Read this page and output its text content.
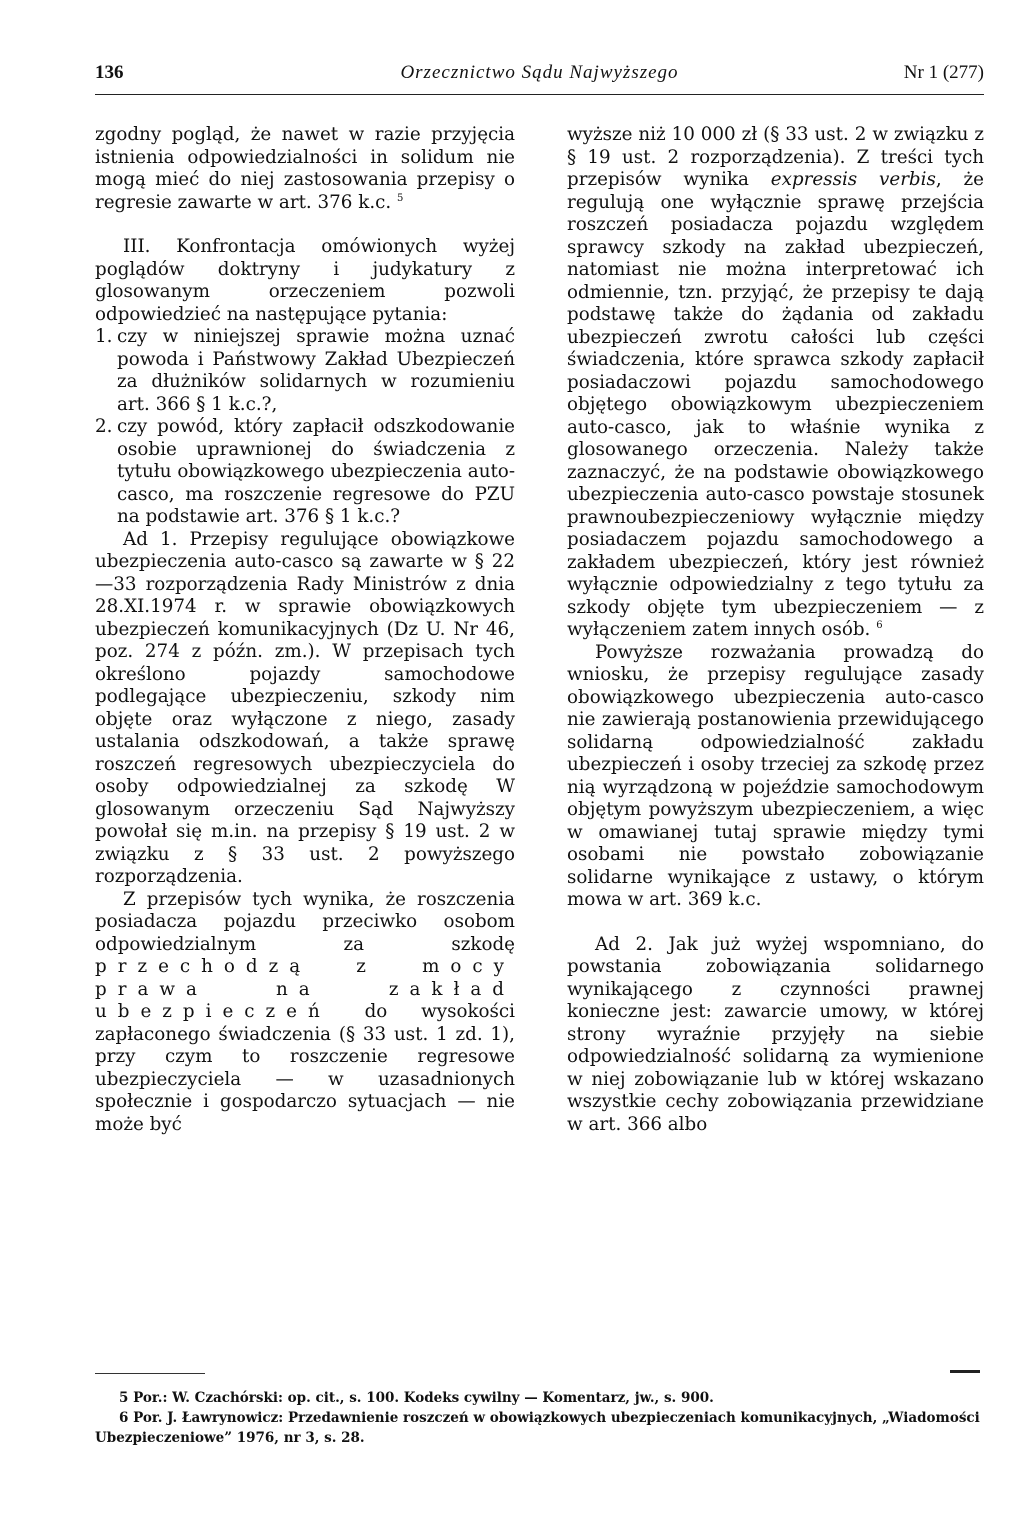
136	Orzecznictwo Sądu Najwyższego	Nr 1 (277)

zgodny pogląd, że nawet w razie przyjęcia istnienia odpowiedzialności in solidum nie mogą mieć do niej zastosowania przepisy o regresie zawarte w art. 376 k.c. $^5$

III. Konfrontacja omówionych wyżej poglądów doktryny i judykatury z glosowanym orzeczeniem pozwoli odpowiedzieć na następujące pytania:

1. czy w niniejszej sprawie można uznać powoda i Państwowy Zakład Ubezpieczeń za dłużników solidarnych w rozumieniu art. 366 § 1 k.c.?,
2. czy powód, który zapłacił odszkodowanie osobie uprawnionej do świadczenia z tytułu obowiązkowego ubezpieczenia auto-casco, ma roszczenie regresowe do PZU na podstawie art. 376 § 1 k.c.?

Ad 1. Przepisy regulujące obowiązkowe ubezpieczenia auto-casco są zawarte w § 22—33 rozporządzenia Rady Ministrów z dnia 28.XI.1974 r. w sprawie obowiązkowych ubezpieczeń komunikacyjnych (Dz U. Nr 46, poz. 274 z późn. zm.). W przepisach tych określono pojazdy samochodowe podlegające ubezpieczeniu, szkody nim objęte oraz wyłączone z niego, zasady ustalania odszkodowań, a także sprawę roszczeń regresowych ubezpieczyciela do osoby odpowiedzialnej za szkodę W glosowanym orzeczeniu Sąd Najwyższy powołał się m.in. na przepisy § 19 ust. 2 w związku z § 33 ust. 2 powyższego rozporządzenia.

Z przepisów tych wynika, że roszczenia posiadacza pojazdu przeciwko osobom odpowiedzialnym za szkodę przechodzą z mocy prawa na zakład ubezpieczeń do wysokości zapłaconego świadczenia (§ 33 ust. 1 zd. 1), przy czym to roszczenie regresowe ubezpieczyciela — w uzasadnionych społecznie i gospodarczo sytuacjach — nie może być

wyższe niż 10 000 zł (§ 33 ust. 2 w związku z § 19 ust. 2 rozporządzenia). Z treści tych przepisów wynika expressis verbis, że regulują one wyłącznie sprawę przejścia roszczeń posiadacza pojazdu względem sprawcy szkody na zakład ubezpieczeń, natomiast nie można interpretować ich odmiennie, tzn. przyjąć, że przepisy te dają podstawę także do żądania od zakładu ubezpieczeń zwrotu całości lub części świadczenia, które sprawca szkody zapłacił posiadaczowi pojazdu samochodowego objętego obowiązkowym ubezpieczeniem auto-casco, jak to właśnie wynika z glosowanego orzeczenia. Należy także zaznaczyć, że na podstawie obowiązkowego ubezpieczenia auto-casco powstaje stosunek prawnoubezpieczeniowy wyłącznie między posiadaczem pojazdu samochodowego a zakładem ubezpieczeń, który jest również wyłącznie odpowiedzialny z tego tytułu za szkody objęte tym ubezpieczeniem — z wyłączeniem zatem innych osób. $^6$

Powyższe rozważania prowadzą do wniosku, że przepisy regulujące zasady obowiązkowego ubezpieczenia auto-casco nie zawierają postanowienia przewidującego solidarną odpowiedzialność zakładu ubezpieczeń i osoby trzeciej za szkodę przez nią wyrządzoną w pojeździe samochodowym objętym powyższym ubezpieczeniem, a więc w omawianej tutaj sprawie między tymi osobami nie powstało zobowiązanie solidarne wynikające z ustawy, o którym mowa w art. 369 k.c.

Ad 2. Jak już wyżej wspomniano, do powstania zobowiązania solidarnego wynikającego z czynności prawnej konieczne jest: zawarcie umowy, w której strony wyraźnie przyjęły na siebie odpowiedzialność solidarną za wymienione w niej zobowiązanie lub w której wskazano wszystkie cechy zobowiązania przewidziane w art. 366 albo

5 Por.: W. Czachórski: op. cit., s. 100. Kodeks cywilny — Komentarz, jw., s. 900.

6 Por. J. Ławrynowicz: Przedawnienie roszczeń w obowiązkowych ubezpieczeniach komunikacyjnych, „Wiadomości Ubezpieczeniowe” 1976, nr 3, s. 28.
